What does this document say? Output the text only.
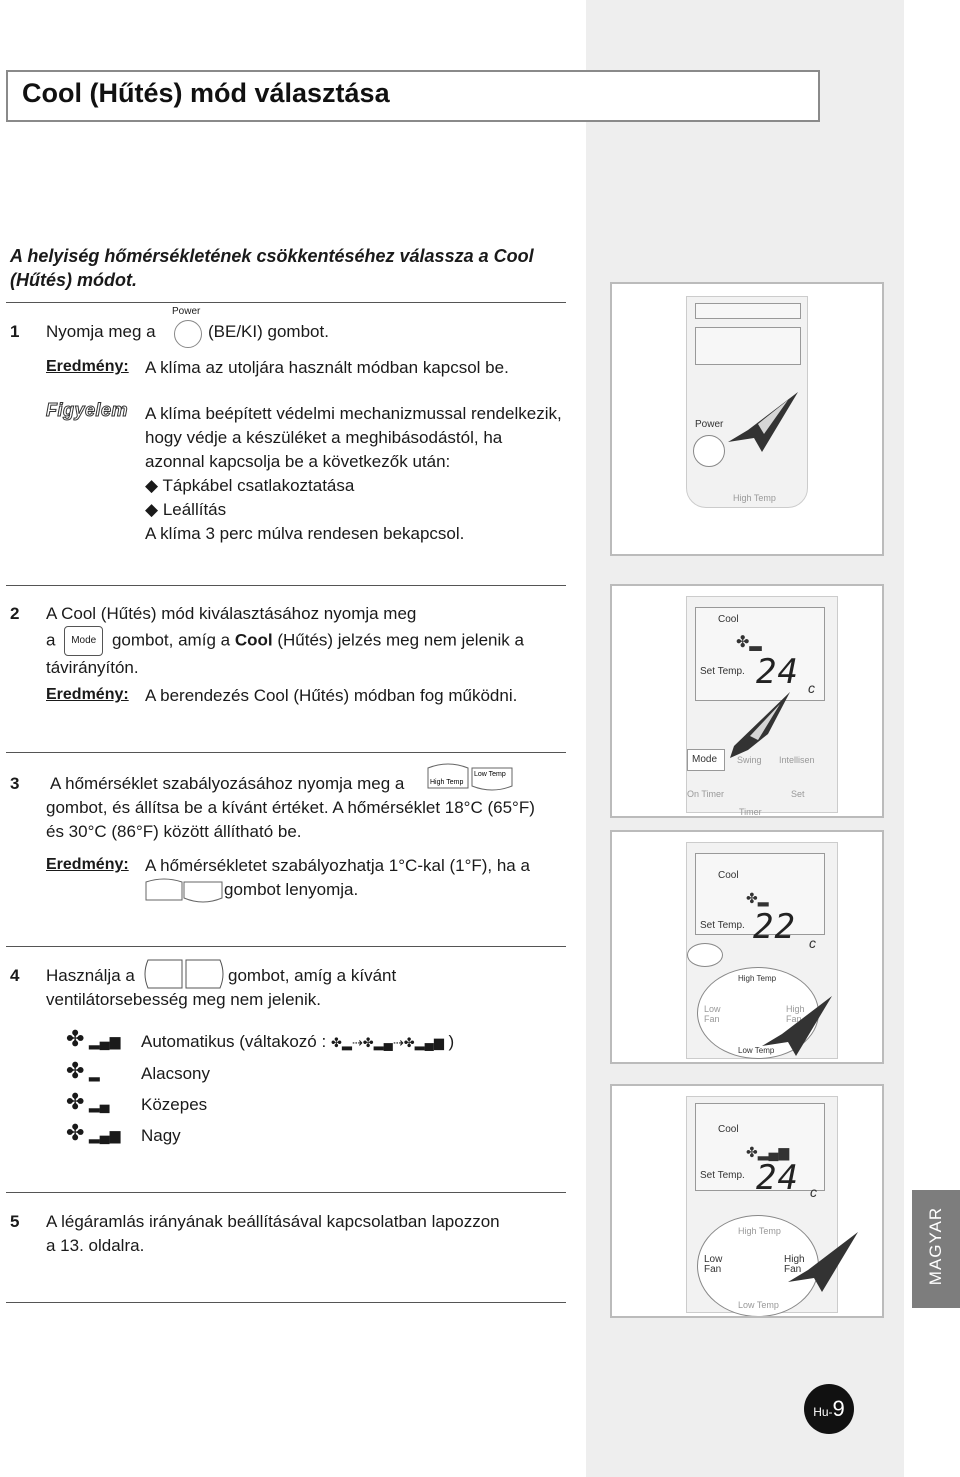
Cool (Hűtés) mód választása
A helyiség hőmérsékletének csökkentéséhez válassza a Cool (Hűtés) módot.
1 Nyomja meg a
Power
(BE/KI) gombot.
Eredmény: A klíma az utoljára használt módban kapcsol be.
Figyelem A klíma beépített védelmi mechanizmussal rendelkezik,
hogy védje a készüléket a meghibásodástól, ha
azonnal kapcsolja be a következők után:
◆ Tápkábel csatlakoztatása
◆ Leállítás
A klíma 3 perc múlva rendesen bekapcsol.
2 A Cool (Hűtés) mód kiválasztásához nyomja meg
a Mode gombot, amíg a Cool (Hűtés) jelzés meg nem jelenik a
távirányítón.
Eredmény: A berendezés Cool (Hűtés) módban fog működni.
3 A hőmérséklet szabályozásához nyomja meg a	High Temp
Low Temp
gombot, és állítsa be a kívánt értéket. A hőmérséklet 18°C (65°F)
és 30°C (86°F) között állítható be.
Eredmény: A hőmérsékletet szabályozhatja 1°C-kal (1°F), ha a
gombot lenyomja.
4 Használja a	gombot, amíg a kívánt
ventilátorsebesség meg nem jelenik.
✤ ▂▄▆ Automatikus (váltakozó : ✤▂⇢✤▂▄⇢✤▂▄▆ )
✤ ▂ Alacsony
✤ ▂▄ Közepes
✤ ▂▄▆ Nagy
5 A légáramlás irányának beállításával kapcsolatban lapozzon
a 13. oldalra.
Power
High Temp
Cool
✤▂
Set Temp. 24 c
Mode Swing Intellisen
On Timer
Timer
Set
Cool
✤▂
Set Temp. 22 c
High Temp
Low
Fan
High
Fan
Low Temp
Cool
✤▂▄▆
Set Temp. 24 c
High Temp
Low
Fan
High
Fan
Low Temp
MAGYAR
Hu-9
